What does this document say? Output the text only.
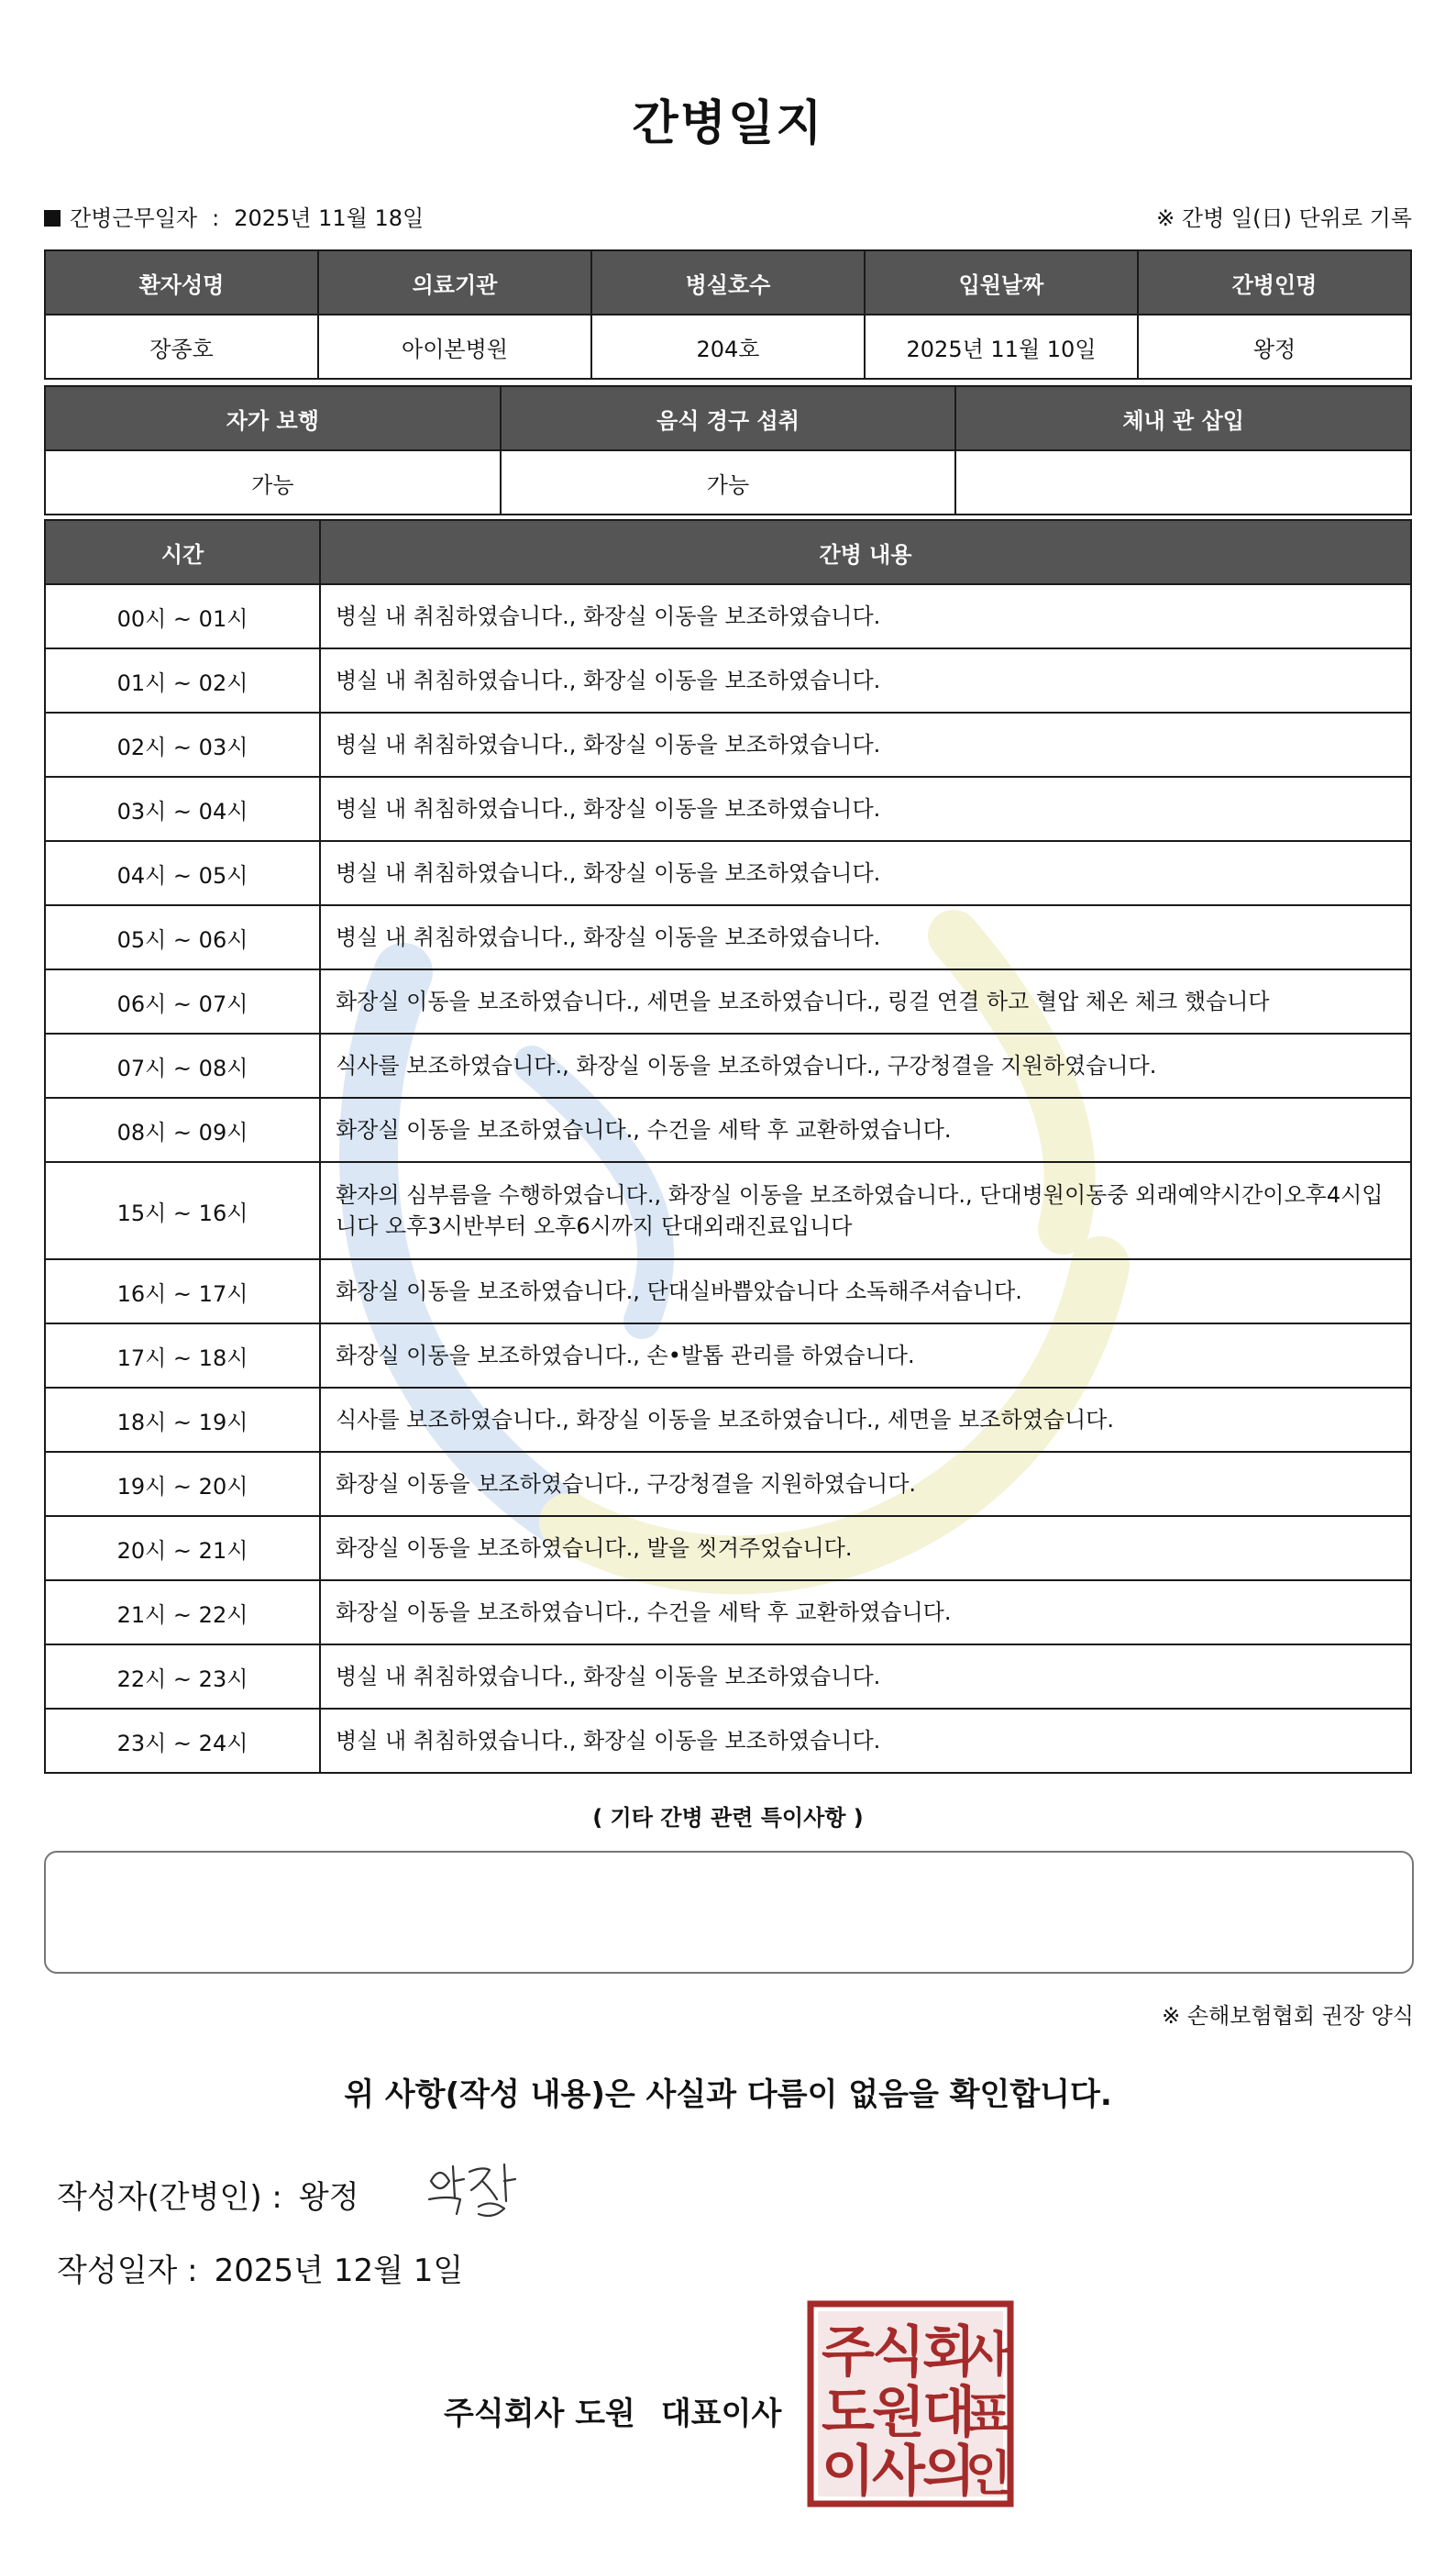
간병일지
간병근무일자 : 2025년 11월 18일	※ 간병 일(日) 단위로 기록
환자성명	의료기관	병실호수	입원날짜	간병인명
장종호	아이본병원	204호	2025년 11월 10일	왕정
자가 보행	음식 경구 섭취	체내 관 삽입
가능	가능	
시간	간병 내용
00시 ~ 01시	병실 내 취침하였습니다., 화장실 이동을 보조하였습니다.
01시 ~ 02시	병실 내 취침하였습니다., 화장실 이동을 보조하였습니다.
02시 ~ 03시	병실 내 취침하였습니다., 화장실 이동을 보조하였습니다.
03시 ~ 04시	병실 내 취침하였습니다., 화장실 이동을 보조하였습니다.
04시 ~ 05시	병실 내 취침하였습니다., 화장실 이동을 보조하였습니다.
05시 ~ 06시	병실 내 취침하였습니다., 화장실 이동을 보조하였습니다.
06시 ~ 07시	화장실 이동을 보조하였습니다., 세면을 보조하였습니다., 링걸 연결 하고 혈압 체온 체크 했습니다
07시 ~ 08시	식사를 보조하였습니다., 화장실 이동을 보조하였습니다., 구강청결을 지원하였습니다.
08시 ~ 09시	화장실 이동을 보조하였습니다., 수건을 세탁 후 교환하였습니다.
15시 ~ 16시	환자의 심부름을 수행하였습니다., 화장실 이동을 보조하였습니다., 단대병원이동중 외래예약시간이오후4시입니다 오후3시반부터 오후6시까지 단대외래진료입니다
16시 ~ 17시	화장실 이동을 보조하였습니다., 단대실바쁩았습니다 소독해주셔습니다.
17시 ~ 18시	화장실 이동을 보조하였습니다., 손•발톱 관리를 하였습니다.
18시 ~ 19시	식사를 보조하였습니다., 화장실 이동을 보조하였습니다., 세면을 보조하였습니다.
19시 ~ 20시	화장실 이동을 보조하였습니다., 구강청결을 지원하였습니다.
20시 ~ 21시	화장실 이동을 보조하였습니다., 발을 씻겨주었습니다.
21시 ~ 22시	화장실 이동을 보조하였습니다., 수건을 세탁 후 교환하였습니다.
22시 ~ 23시	병실 내 취침하였습니다., 화장실 이동을 보조하였습니다.
23시 ~ 24시	병실 내 취침하였습니다., 화장실 이동을 보조하였습니다.
( 기타 간병 관련 특이사항 )
※ 손해보험협회 권장 양식
위 사항(작성 내용)은 사실과 다름이 없음을 확인합니다.
작성자(간병인) : 왕정
작성일자 : 2025년 12월 1일
주식회사 도원 대표이사
주
식
회
사
도
원
대
표
이
사
의
인
